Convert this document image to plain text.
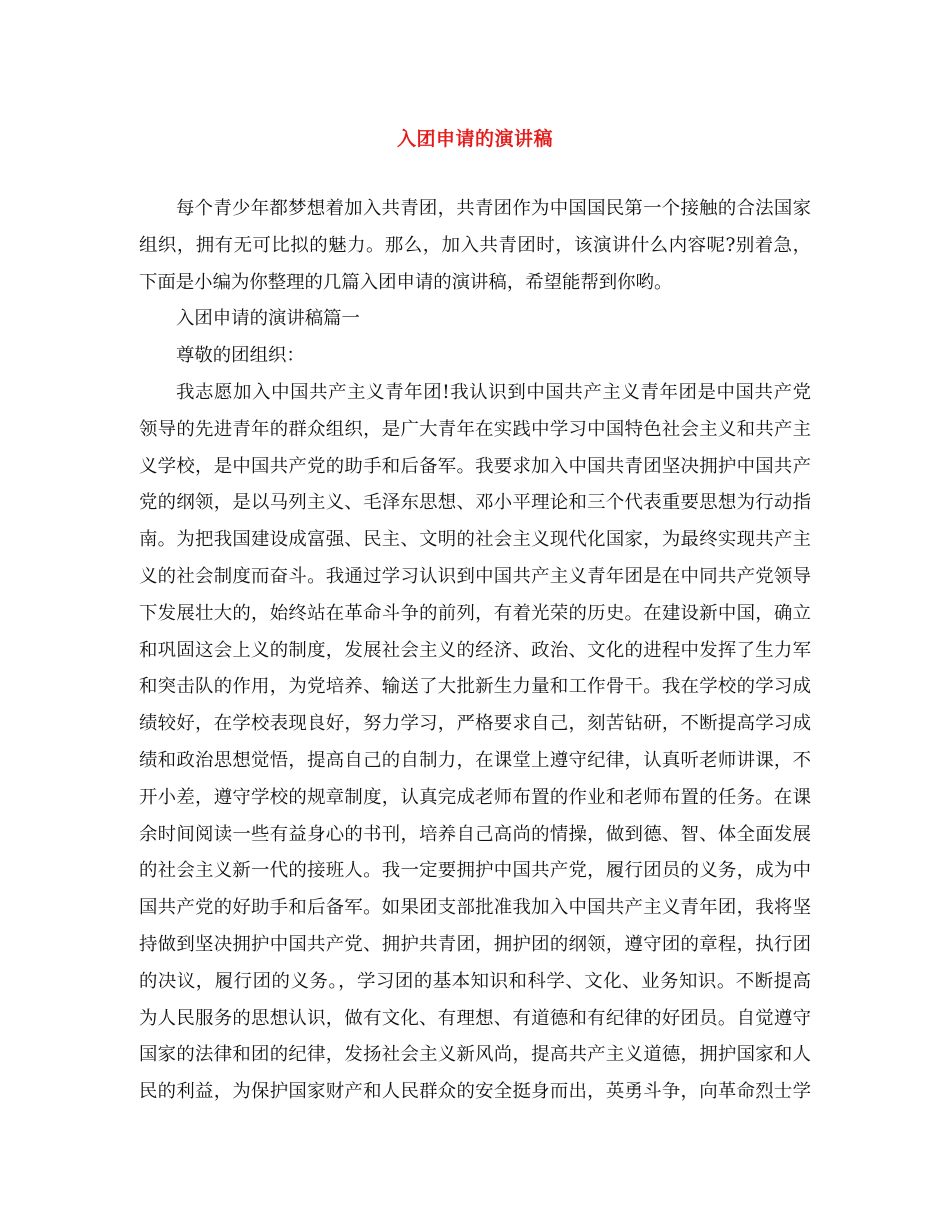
入团申请的演讲稿
每个青少年都梦想着加入共青团，共青团作为中国国民第一个接触的合法国家
组织，拥有无可比拟的魅力。那么，加入共青团时，该演讲什么内容呢?别着急，
下面是小编为你整理的几篇入团申请的演讲稿，希望能帮到你哟。
入团申请的演讲稿篇一
尊敬的团组织：
我志愿加入中国共产主义青年团!我认识到中国共产主义青年团是中国共产党
领导的先进青年的群众组织，是广大青年在实践中学习中国特色社会主义和共产主
义学校，是中国共产党的助手和后备军。我要求加入中国共青团坚决拥护中国共产
党的纲领，是以马列主义、毛泽东思想、邓小平理论和三个代表重要思想为行动指
南。为把我国建设成富强、民主、文明的社会主义现代化国家，为最终实现共产主
义的社会制度而奋斗。我通过学习认识到中国共产主义青年团是在中同共产党领导
下发展壮大的，始终站在革命斗争的前列，有着光荣的历史。在建设新中国，确立
和巩固这会上义的制度，发展社会主义的经济、政治、文化的进程中发挥了生力军
和突击队的作用，为党培养、输送了大批新生力量和工作骨干。我在学校的学习成
绩较好，在学校表现良好，努力学习，严格要求自己，刻苦钻研，不断提高学习成
绩和政治思想觉悟，提高自己的自制力，在课堂上遵守纪律，认真听老师讲课，不
开小差，遵守学校的规章制度，认真完成老师布置的作业和老师布置的任务。在课
余时间阅读一些有益身心的书刊，培养自己高尚的情操，做到德、智、体全面发展
的社会主义新一代的接班人。我一定要拥护中国共产党，履行团员的义务，成为中
国共产党的好助手和后备军。如果团支部批准我加入中国共产主义青年团，我将坚
持做到坚决拥护中国共产党、拥护共青团，拥护团的纲领，遵守团的章程，执行团
的决议，履行团的义务。，学习团的基本知识和科学、文化、业务知识。不断提高
为人民服务的思想认识，做有文化、有理想、有道德和有纪律的好团员。自觉遵守
国家的法律和团的纪律，发扬社会主义新风尚，提高共产主义道德，拥护国家和人
民的利益，为保护国家财产和人民群众的安全挺身而出，英勇斗争，向革命烈士学
